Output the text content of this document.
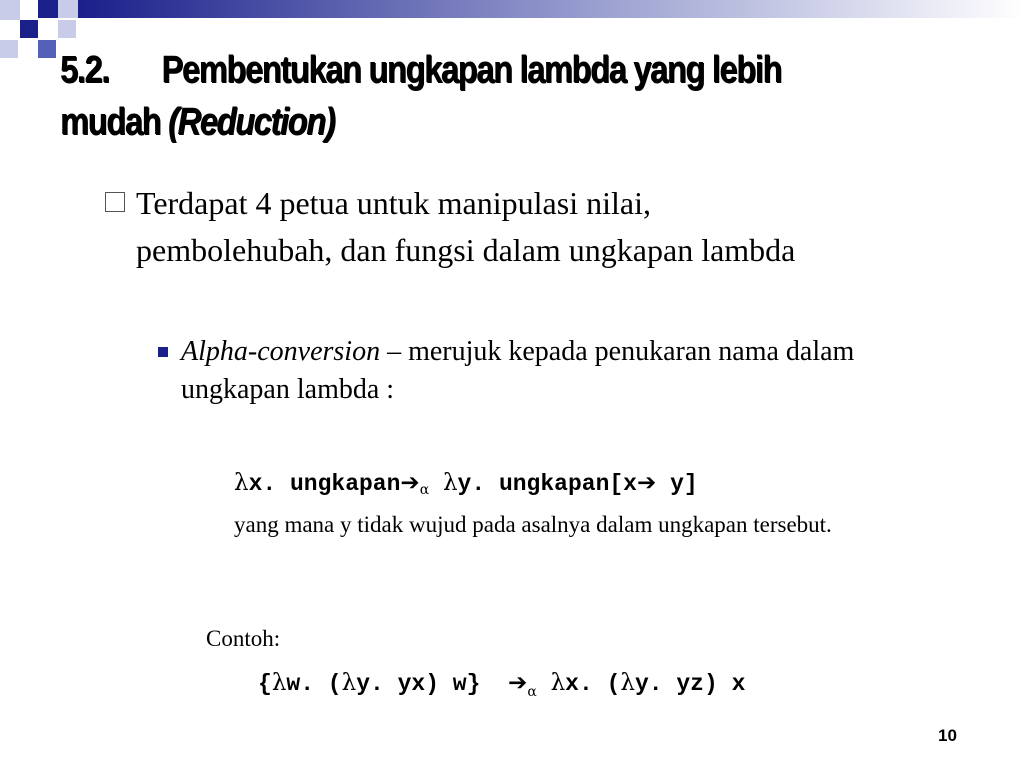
5.2. Pembentukan ungkapan lambda yang lebih mudah (Reduction)
Terdapat 4 petua untuk manipulasi nilai, pembolehubah, dan fungsi dalam ungkapan lambda
Alpha-conversion – merujuk kepada penukaran nama dalam ungkapan lambda :
λx. $ungkapan➔_\alpha$ λy. ungkapan[x➔ y]
yang mana y tidak wujud pada asalnya dalam ungkapan tersebut.
Contoh:
{λw. (λy. yx) w} $➔_\alpha$ λx. (λy. yz) x
10
